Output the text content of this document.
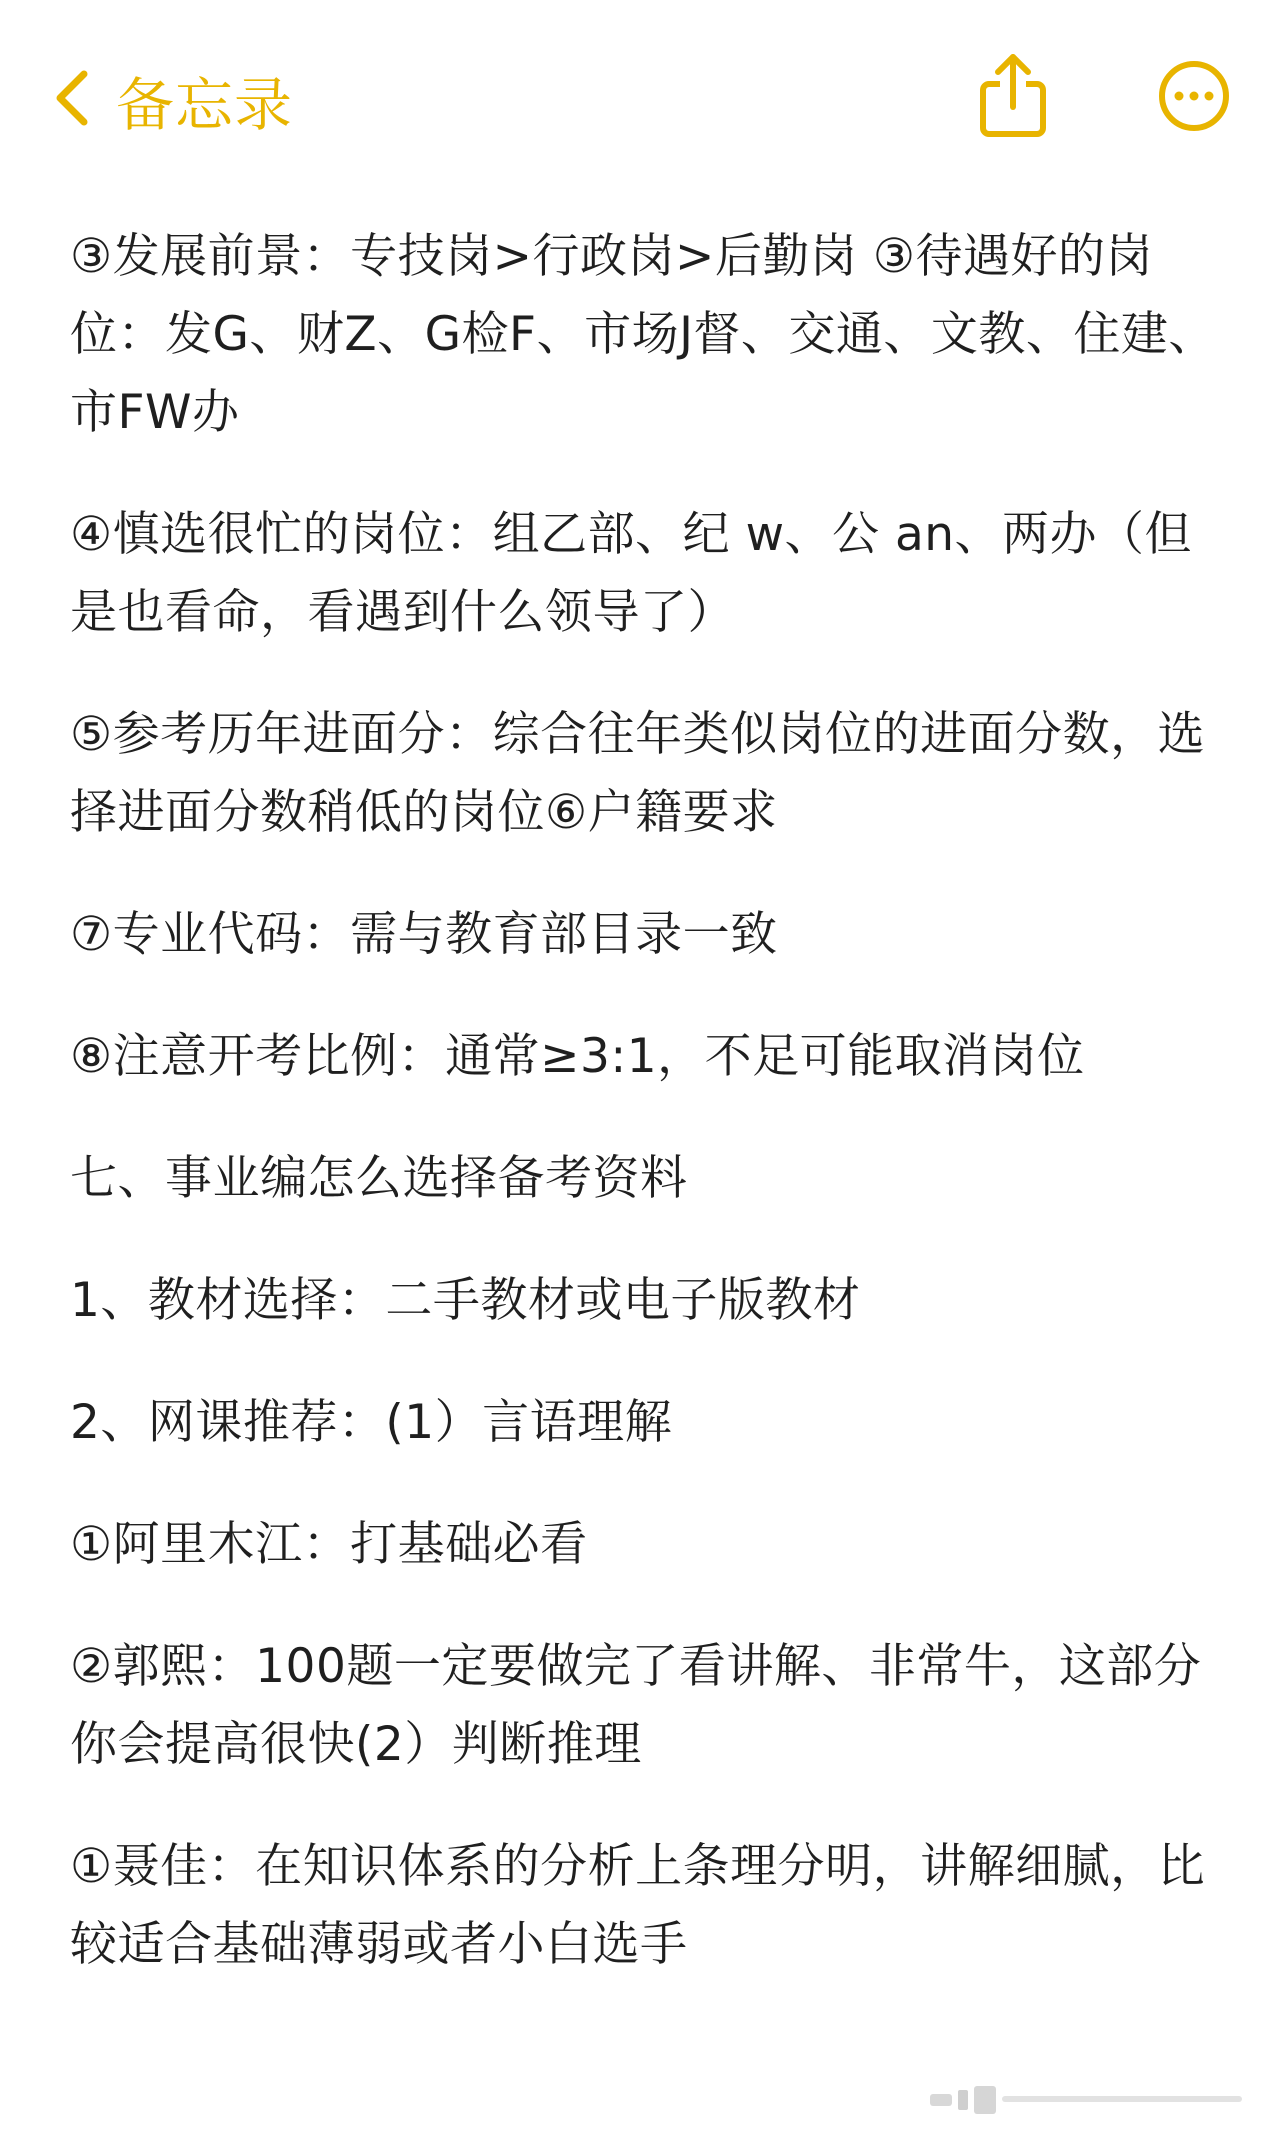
备忘录

③发展前景：专技岗>行政岗>后勤岗 ③待遇好的岗位：发G、财Z、G检F、市场J督、交通、文教、住建、市FW办

④慎选很忙的岗位：组乙部、纪 w、公 an、两办（但是也看命，看遇到什么领导了）

⑤参考历年进面分：综合往年类似岗位的进面分数，选择进面分数稍低的岗位⑥户籍要求

⑦专业代码：需与教育部目录一致

⑧注意开考比例：通常≥3:1，不足可能取消岗位

七、事业编怎么选择备考资料

1、教材选择：二手教材或电子版教材

2、网课推荐：(1）言语理解

①阿里木江：打基础必看

②郭熙：100题一定要做完了看讲解、非常牛，这部分你会提高很快(2）判断推理

①聂佳：在知识体系的分析上条理分明，讲解细腻，比较适合基础薄弱或者小白选手
